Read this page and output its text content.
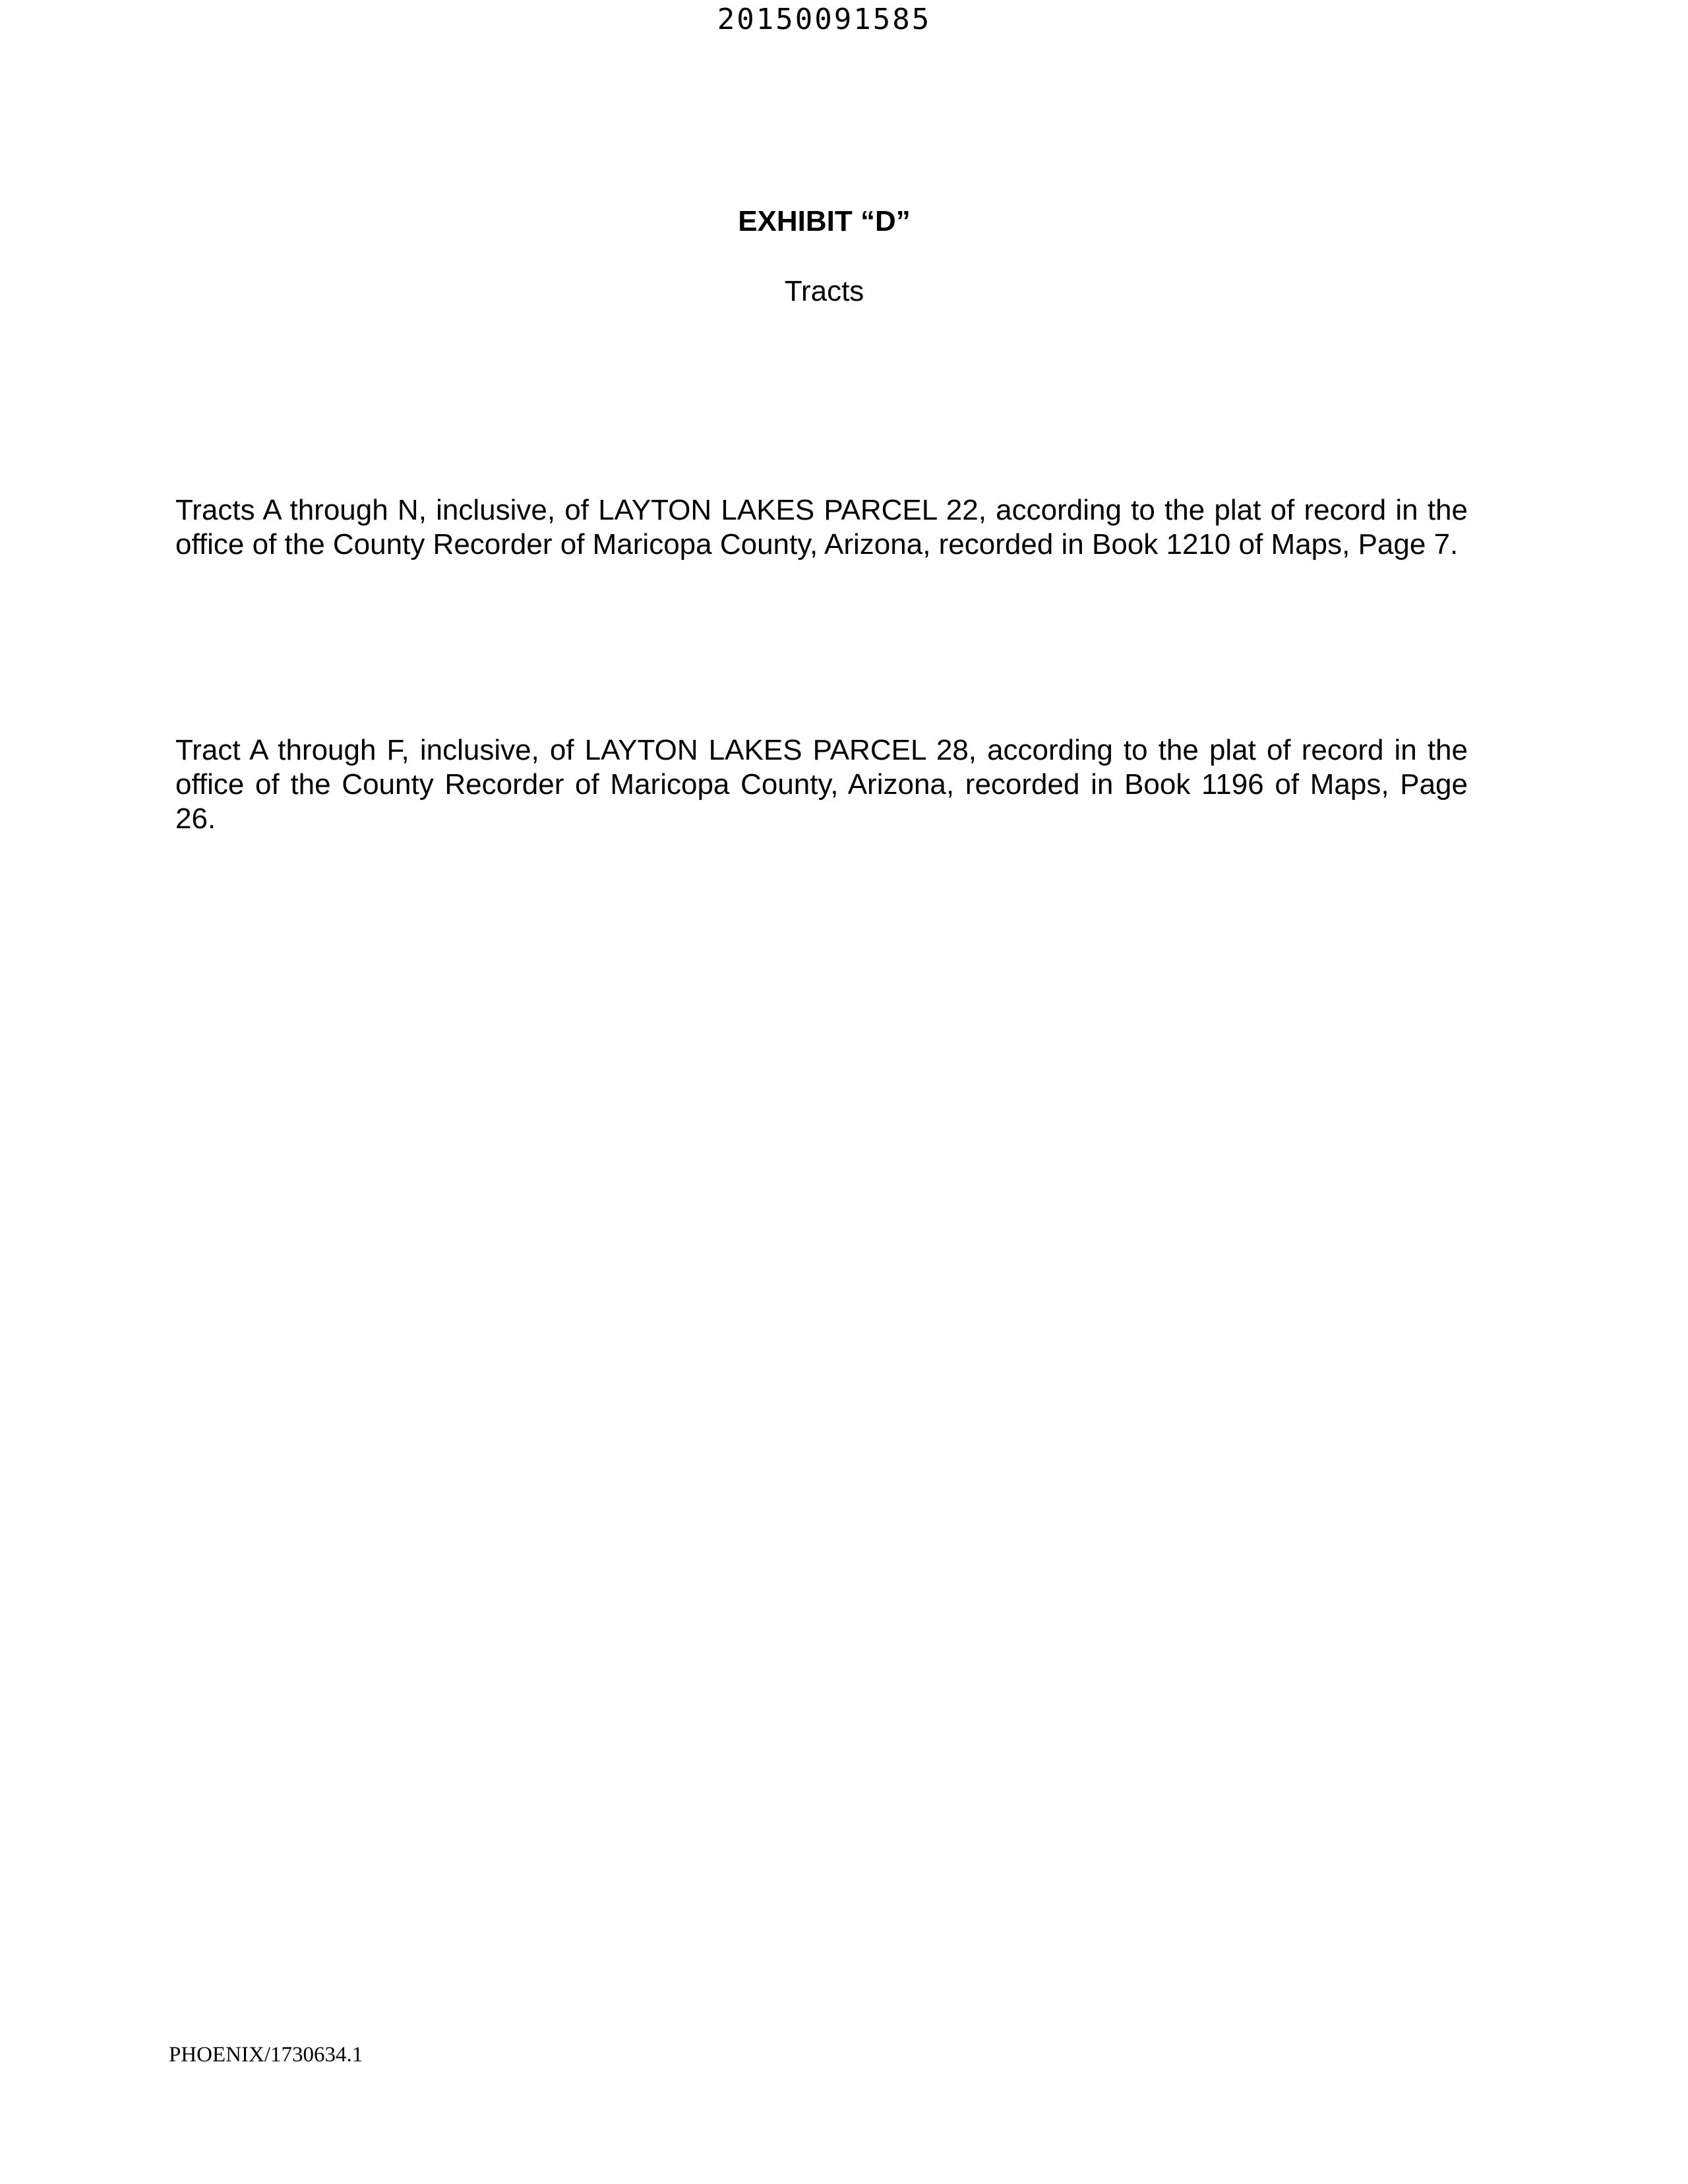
20150091585
EXHIBIT “D”
Tracts

Tracts A through N, inclusive, of LAYTON LAKES PARCEL 22, according to the plat of record in the office of the County Recorder of Maricopa County, Arizona, recorded in Book 1210 of Maps, Page 7.

Tract A through F, inclusive, of LAYTON LAKES PARCEL 28, according to the plat of record in the office of the County Recorder of Maricopa County, Arizona, recorded in Book 1196 of Maps, Page 26.

PHOENIX/1730634.1
